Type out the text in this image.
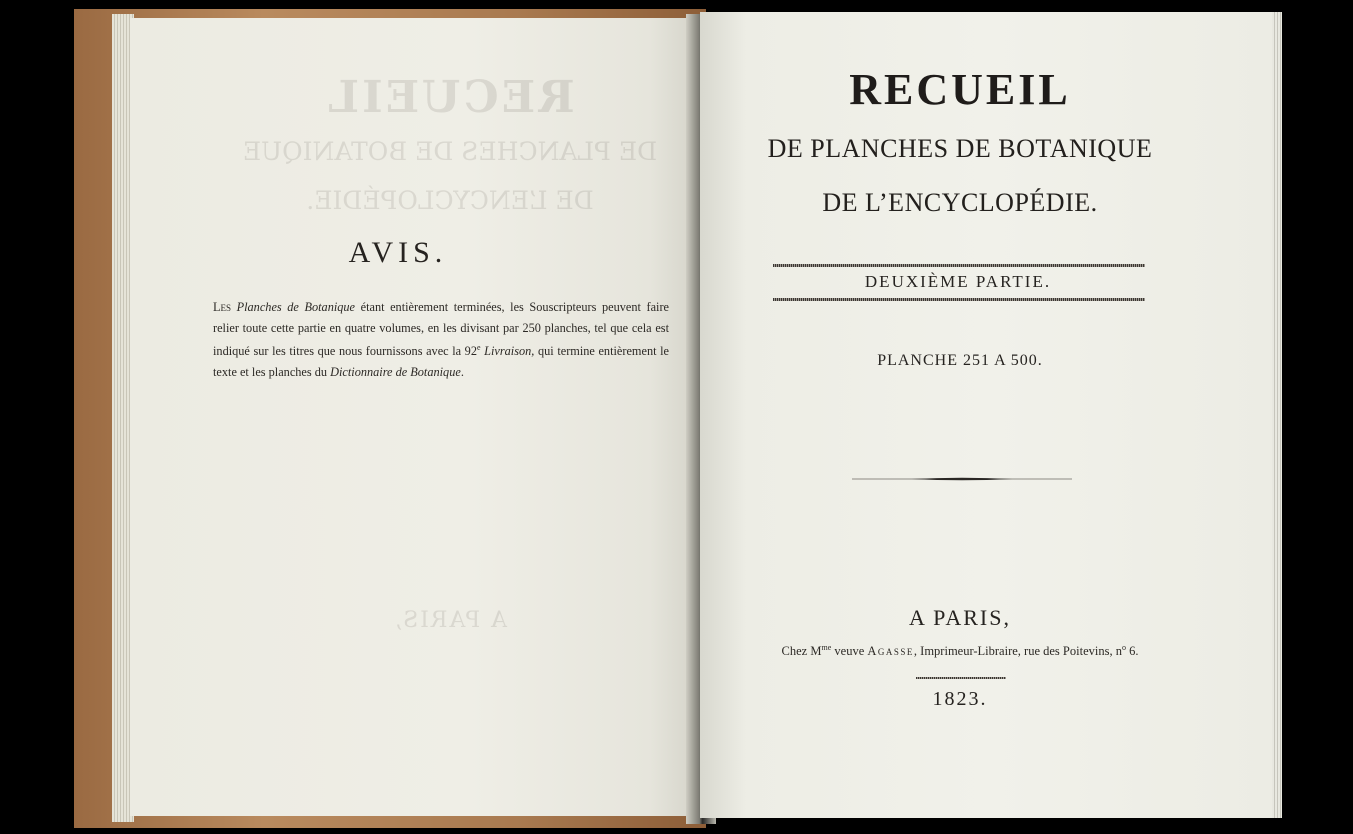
RECUEIL
DE PLANCHES DE BOTANIQUE
DE L’ENCYCLOPÉDIE.
A PARIS,
AVIS.
Les Planches de Botanique étant entièrement terminées, les Souscripteurs peuvent faire relier toute cette partie en quatre volumes, en les divisant par 250 planches, tel que cela est indiqué sur les titres que nous fournissons avec la 92e Livraison, qui termine entièrement le texte et les planches du Dictionnaire de Botanique.
RECUEIL
DE PLANCHES DE BOTANIQUE
DE L’ENCYCLOPÉDIE.
DEUXIÈME PARTIE.
PLANCHE 251 A 500.
A PARIS,
Chez $M^{me}$ veuve Agasse, Imprimeur-Libraire, rue des Poitevins, $n^o$ 6.
1823.
